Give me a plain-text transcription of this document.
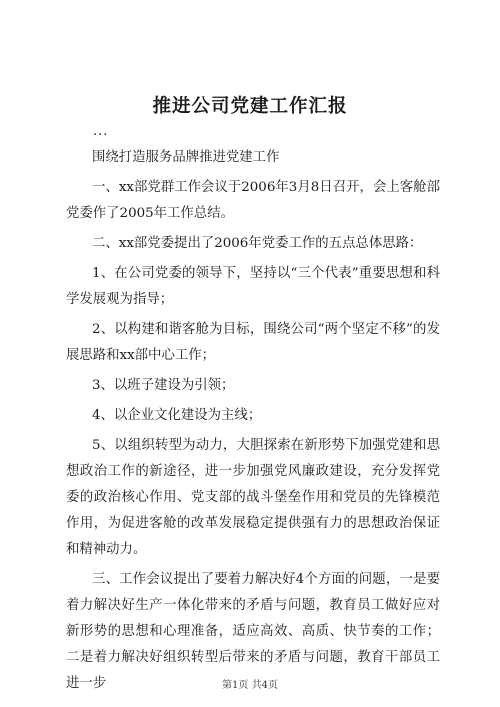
推进公司党建工作汇报
...

围绕打造服务品牌推进党建工作

一、xx部党群工作会议于2006年3月8日召开，会上客舱部党委作了2005年工作总结。

二、xx部党委提出了2006年党委工作的五点总体思路：

1、在公司党委的领导下，坚持以“三个代表”重要思想和科学发展观为指导；

2、以构建和谐客舱为目标，围绕公司“两个坚定不移”的发展思路和xx部中心工作；

3、以班子建设为引领；

4、以企业文化建设为主线；

5、以组织转型为动力，大胆探索在新形势下加强党建和思想政治工作的新途径，进一步加强党风廉政建设，充分发挥党委的政治核心作用、党支部的战斗堡垒作用和党员的先锋模范作用，为促进客舱的改革发展稳定提供强有力的思想政治保证和精神动力。

三、工作会议提出了要着力解决好4个方面的问题，一是要着力解决好生产一体化带来的矛盾与问题，教育员工做好应对新形势的思想和心理准备，适应高效、高质、快节奏的工作；二是着力解决好组织转型后带来的矛盾与问题，教育干部员工进一步	第1页 共4页
